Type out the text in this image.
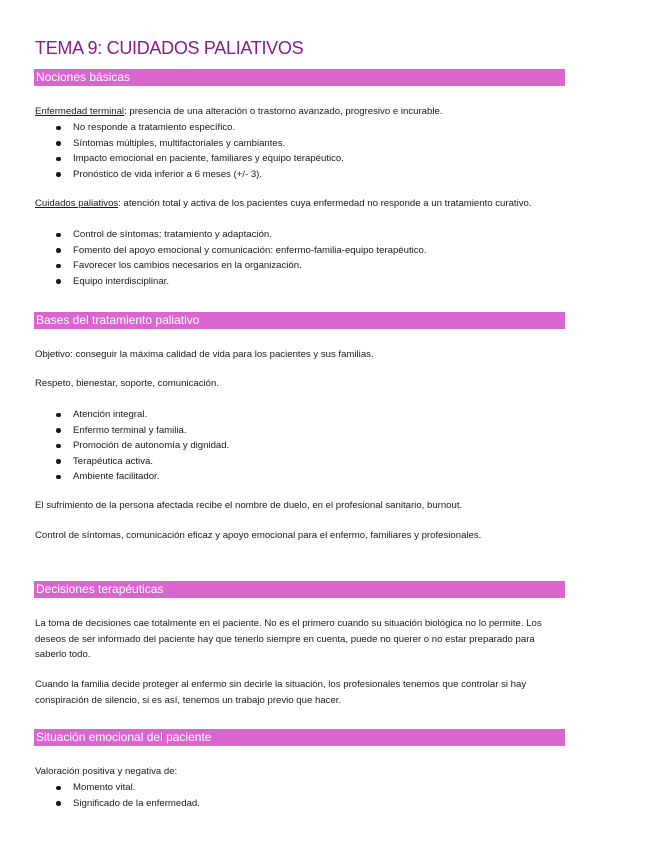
TEMA 9: CUIDADOS PALIATIVOS
Nociones básicas
Enfermedad terminal: presencia de una alteración o trastorno avanzado, progresivo e incurable.
No responde a tratamiento específico.
Síntomas múltiples, multifactoriales y cambiantes.
Impacto emocional en paciente, familiares y equipo terapéutico.
Pronóstico de vida inferior a 6 meses (+/- 3).
Cuidados paliativos: atención total y activa de los pacientes cuya enfermedad no responde a un tratamiento curativo.
Control de síntomas: tratamiento y adaptación.
Fomento del apoyo emocional y comunicación: enfermo-familia-equipo terapéutico.
Favorecer los cambios necesarios en la organización.
Equipo interdisciplinar.
Bases del tratamiento paliativo
Objetivo: conseguir la máxima calidad de vida para los pacientes y sus familias.
Respeto, bienestar, soporte, comunicación.
Atención integral.
Enfermo terminal y familia.
Promoción de autonomía y dignidad.
Terapéutica activa.
Ambiente facilitador.
El sufrimiento de la persona afectada recibe el nombre de duelo, en el profesional sanitario, burnout.
Control de síntomas, comunicación eficaz y apoyo emocional para el enfermo, familiares y profesionales.
Decisiones terapéuticas
La toma de decisiones cae totalmente en el paciente. No es el primero cuando su situación biológica no lo permite. Los deseos de ser informado del paciente hay que tenerlo siempre en cuenta, puede no querer o no estar preparado para saberlo todo.
Cuando la familia decide proteger al enfermo sin decirle la situación, los profesionales tenemos que controlar si hay conspiración de silencio, si es así, tenemos un trabajo previo que hacer.
Situación emocional del paciente
Valoración positiva y negativa de:
Momento vital.
Significado de la enfermedad.
